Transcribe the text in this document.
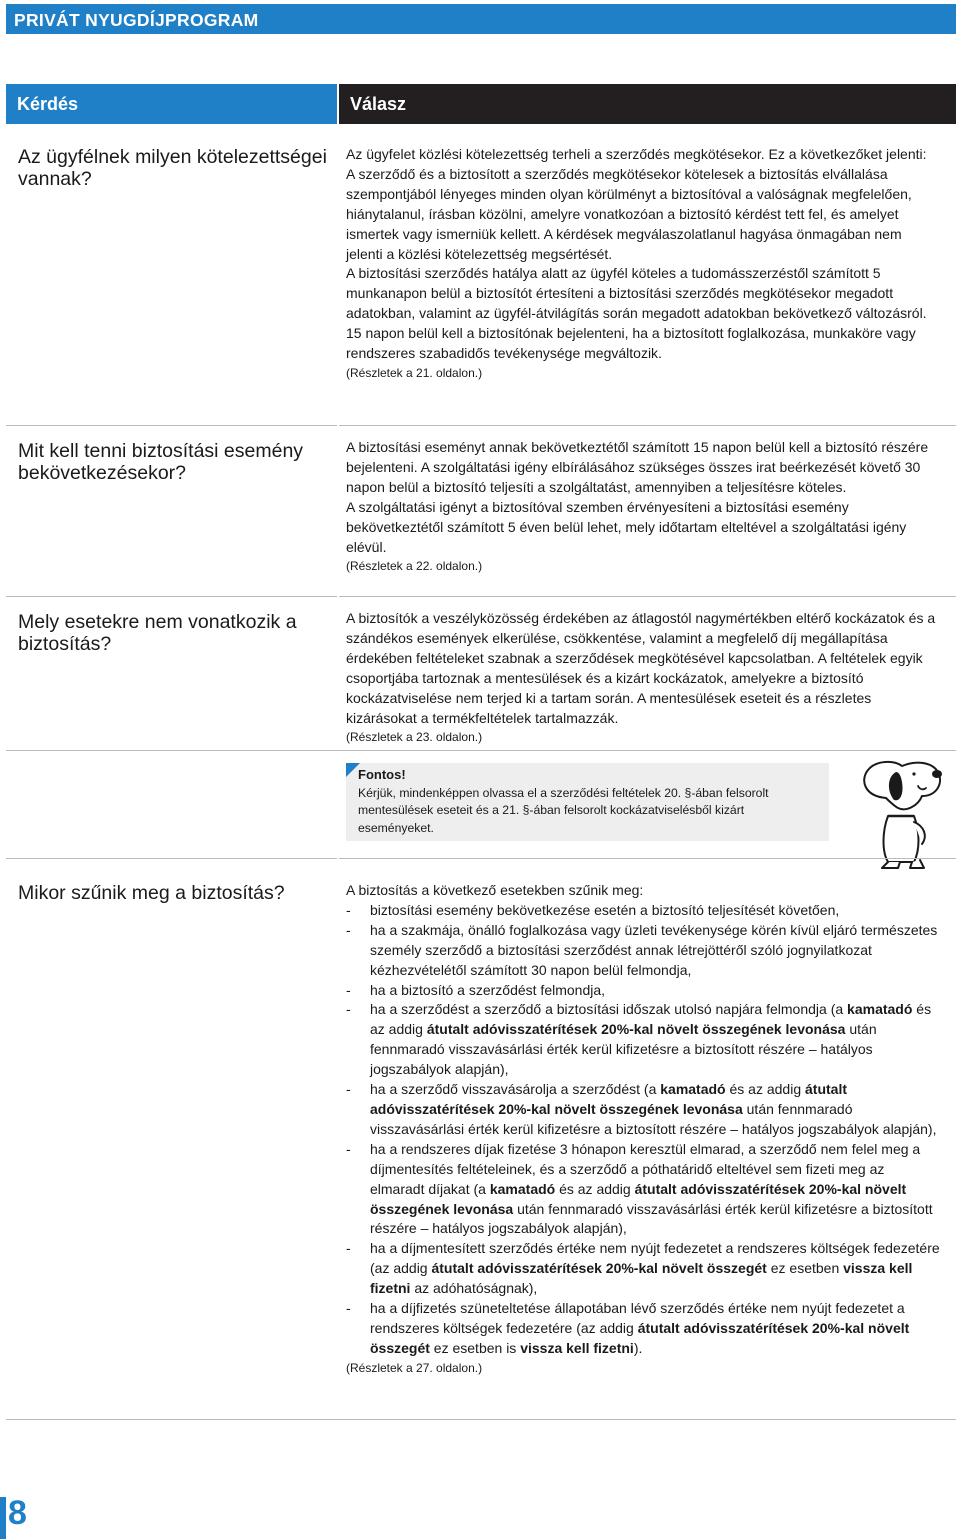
PRIVÁT NYUGDÍJPROGRAM
Kérdés	Válasz
Az ügyfélnek milyen kötelezettségei vannak?
Mit kell tenni biztosítási esemény bekövetkezésekor?
Mely esetekre nem vonatkozik a biztosítás?
Mikor szűnik meg a biztosítás?

Az ügyfelet közlési kötelezettség terheli a szerződés megkötésekor. Ez a következőket jelenti:

A szerződő és a biztosított a szerződés megkötésekor kötelesek a biztosítás elvállalása szempontjából lényeges minden olyan körülményt a biztosítóval a valóságnak megfelelően, hiánytalanul, írásban közölni, amelyre vonatkozóan a biztosító kérdést tett fel, és amelyet ismertek vagy ismerniük kellett. A kérdések megválaszolatlanul hagyása önmagában nem jelenti a közlési kötelezettség megsértését.

A biztosítási szerződés hatálya alatt az ügyfél köteles a tudomásszerzéstől számított 5 munkanapon belül a biztosítót értesíteni a biztosítási szerződés megkötésekor megadott adatokban, valamint az ügyfél-átvilágítás során megadott adatokban bekövetkező változásról.

15 napon belül kell a biztosítónak bejelenteni, ha a biztosított foglalkozása, munkaköre vagy rendszeres szabadidős tevékenysége megváltozik.

(Részletek a 21. oldalon.)

A biztosítási eseményt annak bekövetkeztétől számított 15 napon belül kell a biztosító részére bejelenteni. A szolgáltatási igény elbírálásához szükséges összes irat beérkezését követő 30 napon belül a biztosító teljesíti a szolgáltatást, amennyiben a teljesítésre köteles.

A szolgáltatási igényt a biztosítóval szemben érvényesíteni a biztosítási esemény bekövetkeztétől számított 5 éven belül lehet, mely időtartam elteltével a szolgáltatási igény elévül.

(Részletek a 22. oldalon.)

A biztosítók a veszélyközösség érdekében az átlagostól nagymértékben eltérő kockázatok és a szándékos események elkerülése, csökkentése, valamint a megfelelő díj megállapítása érdekében feltételeket szabnak a szerződések megkötésével kapcsolatban. A feltételek egyik csoportjába tartoznak a mentesülések és a kizárt kockázatok, amelyekre a biztosító kockázatviselése nem terjed ki a tartam során. A mentesülések eseteit és a részletes kizárásokat a termékfeltételek tartalmazzák.

(Részletek a 23. oldalon.)

Fontos!
Kérjük, mindenképpen olvassa el a szerződési feltételek 20. §-ában felsorolt mentesülések eseteit és a 21. §-ában felsorolt kockázatviselésből kizárt eseményeket.

A biztosítás a következő esetekben szűnik meg:

- biztosítási esemény bekövetkezése esetén a biztosító teljesítését követően,
- ha a szakmája, önálló foglalkozása vagy üzleti tevékenysége körén kívül eljáró természetes személy szerződő a biztosítási szerződést annak létrejöttéről szóló jognyilatkozat kézhezvételétől számított 30 napon belül felmondja,
- ha a biztosító a szerződést felmondja,
- ha a szerződést a szerződő a biztosítási időszak utolsó napjára felmondja (a kamatadó és az addig átutalt adóvisszatérítések 20%-kal növelt összegének levonása után fennmaradó visszavásárlási érték kerül kifizetésre a biztosított részére – hatályos jogszabályok alapján),
- ha a szerződő visszavásárolja a szerződést (a kamatadó és az addig átutalt adóvisszatérítések 20%-kal növelt összegének levonása után fennmaradó visszavásárlási érték kerül kifizetésre a biztosított részére – hatályos jogszabályok alapján),
- ha a rendszeres díjak fizetése 3 hónapon keresztül elmarad, a szerződő nem felel meg a díjmentesítés feltételeinek, és a szerződő a póthatáridő elteltével sem fizeti meg az elmaradt díjakat (a kamatadó és az addig átutalt adóvisszatérítések 20%-kal növelt összegének levonása után fennmaradó visszavásárlási érték kerül kifizetésre a biztosított részére – hatályos jogszabályok alapján),
- ha a díjmentesített szerződés értéke nem nyújt fedezetet a rendszeres költségek fedezetére (az addig átutalt adóvisszatérítések 20%-kal növelt összegét ez esetben vissza kell fizetni az adóhatóságnak),
- ha a díjfizetés szüneteltetése állapotában lévő szerződés értéke nem nyújt fedezetet a rendszeres költségek fedezetére (az addig átutalt adóvisszatérítések 20%-kal növelt összegét ez esetben is vissza kell fizetni).

(Részletek a 27. oldalon.)

8
